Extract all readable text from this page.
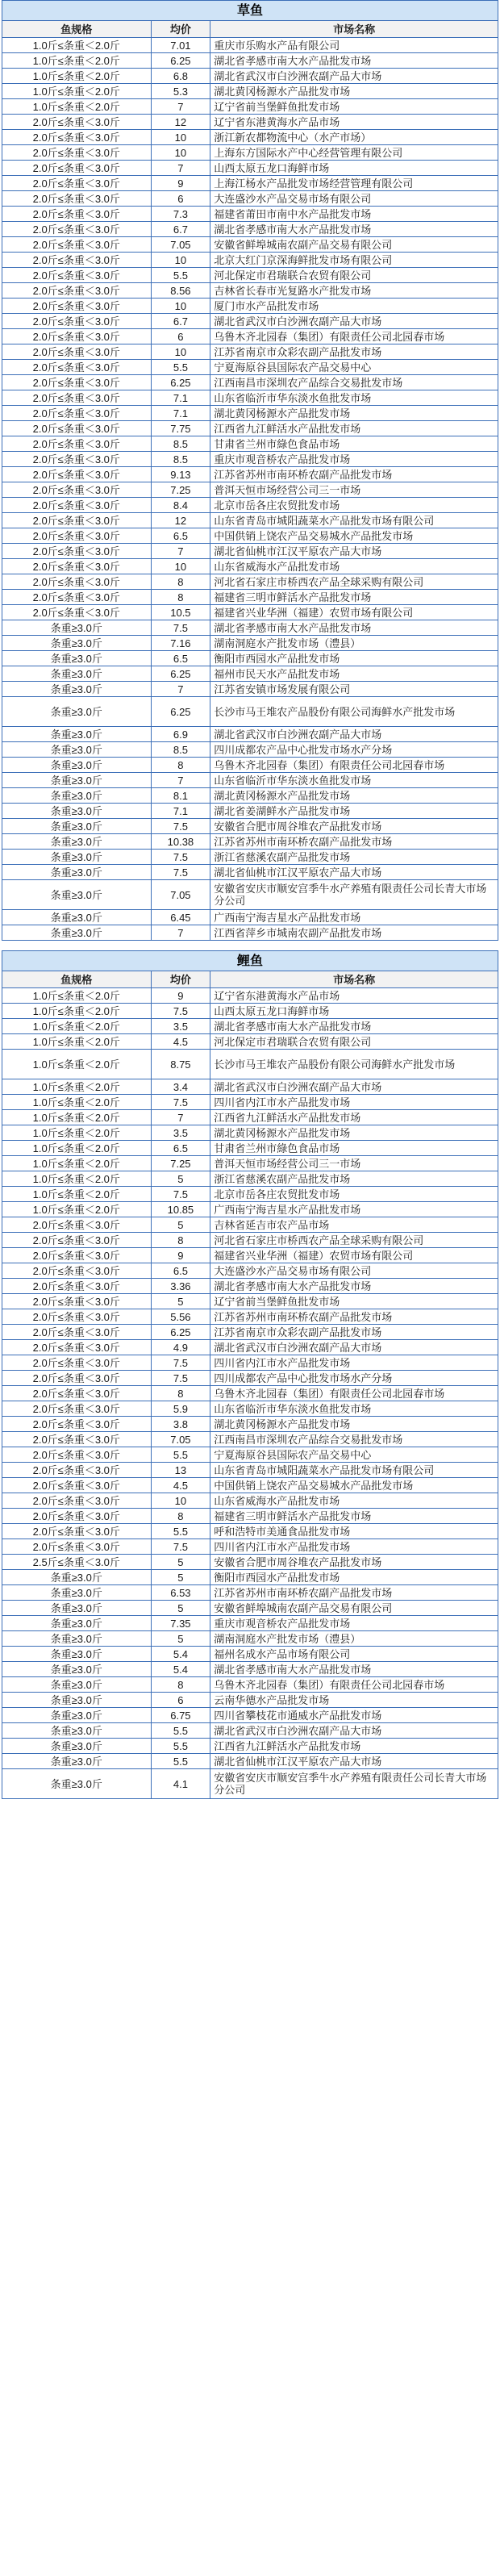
草鱼		
鱼规格	均价	市场名称
1.0斤≤条重＜2.0斤	7.01	重庆市乐购水产品有限公司
1.0斤≤条重＜2.0斤	6.25	湖北省孝感市南大水产品批发市场
1.0斤≤条重＜2.0斤	6.8	湖北省武汉市白沙洲农副产品大市场
1.0斤≤条重＜2.0斤	5.3	湖北黄冈杨源水产品批发市场
1.0斤≤条重＜2.0斤	7	辽宁省前当堡鲜鱼批发市场
2.0斤≤条重＜3.0斤	12	辽宁省东港黄海水产品市场
2.0斤≤条重＜3.0斤	10	浙江新农都物流中心（水产市场）
2.0斤≤条重＜3.0斤	10	上海东方国际水产中心经营管理有限公司
2.0斤≤条重＜3.0斤	7	山西太原五龙口海鲜市场
2.0斤≤条重＜3.0斤	9	上海江杨水产品批发市场经营管理有限公司
2.0斤≤条重＜3.0斤	6	大连盛沙水产品交易市场有限公司
2.0斤≤条重＜3.0斤	7.3	福建省莆田市南中水产品批发市场
2.0斤≤条重＜3.0斤	6.7	湖北省孝感市南大水产品批发市场
2.0斤≤条重＜3.0斤	7.05	安徽省鲜埠城南农副产品交易有限公司
2.0斤≤条重＜3.0斤	10	北京大红门京深海鲜批发市场有限公司
2.0斤≤条重＜3.0斤	5.5	河北保定市君瑞联合农贸有限公司
2.0斤≤条重＜3.0斤	8.56	吉林省长春市光复路水产批发市场
2.0斤≤条重＜3.0斤	10	厦门市水产品批发市场
2.0斤≤条重＜3.0斤	6.7	湖北省武汉市白沙洲农副产品大市场
2.0斤≤条重＜3.0斤	6	乌鲁木齐北园春（集团）有限责任公司北园春市场
2.0斤≤条重＜3.0斤	10	江苏省南京市众彩农副产品批发市场
2.0斤≤条重＜3.0斤	5.5	宁夏海原谷县国际农产品交易中心
2.0斤≤条重＜3.0斤	6.25	江西南昌市深圳农产品综合交易批发市场
2.0斤≤条重＜3.0斤	7.1	山东省临沂市华东淡水鱼批发市场
2.0斤≤条重＜3.0斤	7.1	湖北黄冈杨源水产品批发市场
2.0斤≤条重＜3.0斤	7.75	江西省九江鲜活水产品批发市场
2.0斤≤条重＜3.0斤	8.5	甘肃省兰州市綠色食品市场
2.0斤≤条重＜3.0斤	8.5	重庆市观音桥农产品批发市场
2.0斤≤条重＜3.0斤	9.13	江苏省苏州市南环桥农副产品批发市场
2.0斤≤条重＜3.0斤	7.25	普洱天恒市场经营公司三一市场
2.0斤≤条重＜3.0斤	8.4	北京市岳各庄农贸批发市场
2.0斤≤条重＜3.0斤	12	山东省青岛市城阳蔬菜水产品批发市场有限公司
2.0斤≤条重＜3.0斤	6.5	中国供销上饶农产品交易城水产品批发市场
2.0斤≤条重＜3.0斤	7	湖北省仙桃市江汉平原农产品大市场
2.0斤≤条重＜3.0斤	10	山东省威海水产品批发市场
2.0斤≤条重＜3.0斤	8	河北省石家庄市桥西农产品全球采购有限公司
2.0斤≤条重＜3.0斤	8	福建省三明市鲜活水产品批发市场
2.0斤≤条重＜3.0斤	10.5	福建省兴业华洲（福建）农贸市场有限公司
条重≥3.0斤	7.5	湖北省孝感市南大水产品批发市场
条重≥3.0斤	7.16	湖南洞庭水产批发市场（澧县）
条重≥3.0斤	6.5	衡阳市西园水产品批发市场
条重≥3.0斤	6.25	福州市民天水产品批发市场
条重≥3.0斤	7	江苏省安镇市场发展有限公司
条重≥3.0斤	6.25	长沙市马王堆农产品股份有限公司海鲜水产批发市场
条重≥3.0斤	6.9	湖北省武汉市白沙洲农副产品大市场
条重≥3.0斤	8.5	四川成都农产品中心批发市场水产分场
条重≥3.0斤	8	乌鲁木齐北园春（集团）有限责任公司北园春市场
条重≥3.0斤	7	山东省临沂市华东淡水鱼批发市场
条重≥3.0斤	8.1	湖北黄冈杨源水产品批发市场
条重≥3.0斤	7.1	湖北省姜湖鲜水产品批发市场
条重≥3.0斤	7.5	安徽省合肥市周谷堆农产品批发市场
条重≥3.0斤	10.38	江苏省苏州市南环桥农副产品批发市场
条重≥3.0斤	7.5	浙江省慈溪农副产品批发市场
条重≥3.0斤	7.5	湖北省仙桃市江汉平原农产品大市场
条重≥3.0斤	7.05	安徽省安庆市顺安宫季牛水产养殖有限责任公司长青大市场分公司
条重≥3.0斤	6.45	广西南宁海吉星水产品批发市场
条重≥3.0斤	7	江西省萍乡市城南农副产品批发市场
鲤鱼		
鱼规格	均价	市场名称
1.0斤≤条重＜2.0斤	9	辽宁省东港黄海水产品市场
1.0斤≤条重＜2.0斤	7.5	山西太原五龙口海鲜市场
1.0斤≤条重＜2.0斤	3.5	湖北省孝感市南大水产品批发市场
1.0斤≤条重＜2.0斤	4.5	河北保定市君瑞联合农贸有限公司
1.0斤≤条重＜2.0斤	8.75	长沙市马王堆农产品股份有限公司海鲜水产批发市场
1.0斤≤条重＜2.0斤	3.4	湖北省武汉市白沙洲农副产品大市场
1.0斤≤条重＜2.0斤	7.5	四川省内江市水产品批发市场
1.0斤≤条重＜2.0斤	7	江西省九江鲜活水产品批发市场
1.0斤≤条重＜2.0斤	3.5	湖北黄冈杨源水产品批发市场
1.0斤≤条重＜2.0斤	6.5	甘肃省兰州市綠色食品市场
1.0斤≤条重＜2.0斤	7.25	普洱天恒市场经营公司三一市场
1.0斤≤条重＜2.0斤	5	浙江省慈溪农副产品批发市场
1.0斤≤条重＜2.0斤	7.5	北京市岳各庄农贸批发市场
1.0斤≤条重＜2.0斤	10.85	广西南宁海吉星水产品批发市场
2.0斤≤条重＜3.0斤	5	吉林省延吉市农产品市场
2.0斤≤条重＜3.0斤	8	河北省石家庄市桥西农产品全球采购有限公司
2.0斤≤条重＜3.0斤	9	福建省兴业华洲（福建）农贸市场有限公司
2.0斤≤条重＜3.0斤	6.5	大连盛沙水产品交易市场有限公司
2.0斤≤条重＜3.0斤	3.36	湖北省孝感市南大水产品批发市场
2.0斤≤条重＜3.0斤	5	辽宁省前当堡鲜鱼批发市场
2.0斤≤条重＜3.0斤	5.56	江苏省苏州市南环桥农副产品批发市场
2.0斤≤条重＜3.0斤	6.25	江苏省南京市众彩农副产品批发市场
2.0斤≤条重＜3.0斤	4.9	湖北省武汉市白沙洲农副产品大市场
2.0斤≤条重＜3.0斤	7.5	四川省内江市水产品批发市场
2.0斤≤条重＜3.0斤	7.5	四川成都农产品中心批发市场水产分场
2.0斤≤条重＜3.0斤	8	乌鲁木齐北园春（集团）有限责任公司北园春市场
2.0斤≤条重＜3.0斤	5.9	山东省临沂市华东淡水鱼批发市场
2.0斤≤条重＜3.0斤	3.8	湖北黄冈杨源水产品批发市场
2.0斤≤条重＜3.0斤	7.05	江西南昌市深圳农产品综合交易批发市场
2.0斤≤条重＜3.0斤	5.5	宁夏海原谷县国际农产品交易中心
2.0斤≤条重＜3.0斤	13	山东省青岛市城阳蔬菜水产品批发市场有限公司
2.0斤≤条重＜3.0斤	4.5	中国供销上饶农产品交易城水产品批发市场
2.0斤≤条重＜3.0斤	10	山东省威海水产品批发市场
2.0斤≤条重＜3.0斤	8	福建省三明市鲜活水产品批发市场
2.0斤≤条重＜3.0斤	5.5	呼和浩特市美通食品批发市场
2.0斤≤条重＜3.0斤	7.5	四川省内江市水产品批发市场
2.5斤≤条重＜3.0斤	5	安徽省合肥市周谷堆农产品批发市场
条重≥3.0斤	5	衡阳市西园水产品批发市场
条重≥3.0斤	6.53	江苏省苏州市南环桥农副产品批发市场
条重≥3.0斤	5	安徽省鲜埠城南农副产品交易有限公司
条重≥3.0斤	7.35	重庆市观音桥农产品批发市场
条重≥3.0斤	5	湖南洞庭水产批发市场（澧县）
条重≥3.0斤	5.4	福州名成水产品市场有限公司
条重≥3.0斤	5.4	湖北省孝感市南大水产品批发市场
条重≥3.0斤	8	乌鲁木齐北园春（集团）有限责任公司北园春市场
条重≥3.0斤	6	云南华德水产品批发市场
条重≥3.0斤	6.75	四川省攀枝花市通威水产品批发市场
条重≥3.0斤	5.5	湖北省武汉市白沙洲农副产品大市场
条重≥3.0斤	5.5	江西省九江鲜活水产品批发市场
条重≥3.0斤	5.5	湖北省仙桃市江汉平原农产品大市场
条重≥3.0斤	4.1	安徽省安庆市顺安宫季牛水产养殖有限责任公司长青大市场分公司
